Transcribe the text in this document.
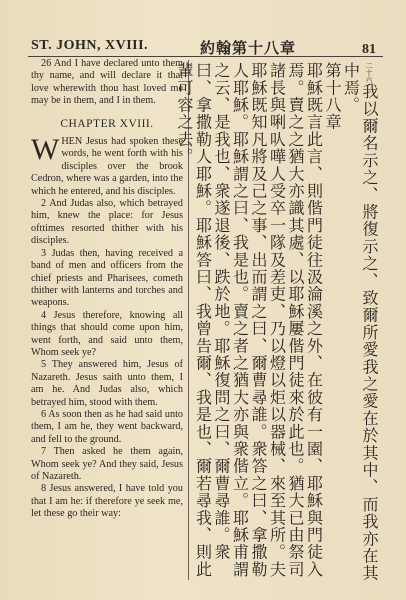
ST. JOHN, XVIII.	約翰第十八章	81

26 And I have declared unto them thy name, and will declare it that love wherewith thou hast loved me may be in them, and I in them.

CHAPTER XVIII.

WHEN Jesus had spoken these words, he went forth with his disciples over the brook Cedron, where was a garden, into the which he entered, and his disciples.

2 And Judas also, which betrayed him, knew the place: for Jesus ofttimes resorted thither with his disciples.

3 Judas then, having received a band of men and officers from the chief priests and Pharisees, cometh thither with lanterns and torches and weapons.

4 Jesus therefore, knowing all things that should come upon him, went forth, and said unto them, Whom seek ye?

5 They answered him, Jesus of Nazareth. Jesus saith unto them, I am he. And Judas also, which betrayed him, stood with them.

6 As soon then as he had said unto them, I am he, they went backward, and fell to the ground.

7 Then asked he them again, Whom seek ye? And they said, Jesus of Nazareth.

8 Jesus answered, I have told you that I am he: if therefore ye seek me, let these go their way:

二十六我以爾名示之、將復示之、致爾所愛我之愛在於其中、而我亦在其中焉。

第十八章

耶穌既言此言、則偕門徒往汲淪溪之外、在彼有一園、耶穌與門徒入焉。賣之之猶大亦識其處、以耶穌屢偕門徒來於此也。猶大已由祭司諸長與唎㕥嘩人受卒一隊及差吏、乃以燈以炬以器械、來至其所。夫耶穌既知凡將及己之事、出而謂之曰、爾曹尋誰。衆答之曰、拿撒勒人耶穌。耶穌謂之曰、我是也。賣之者之猶大亦與衆偕立。耶穌甫謂之云、是我也、衆遂退後、跌於地。耶穌復問之曰、爾曹尋誰。衆曰、拿撒勒人耶穌。耶穌答曰、我曾告爾、我是也、爾若尋我、則此輩可容之去。
